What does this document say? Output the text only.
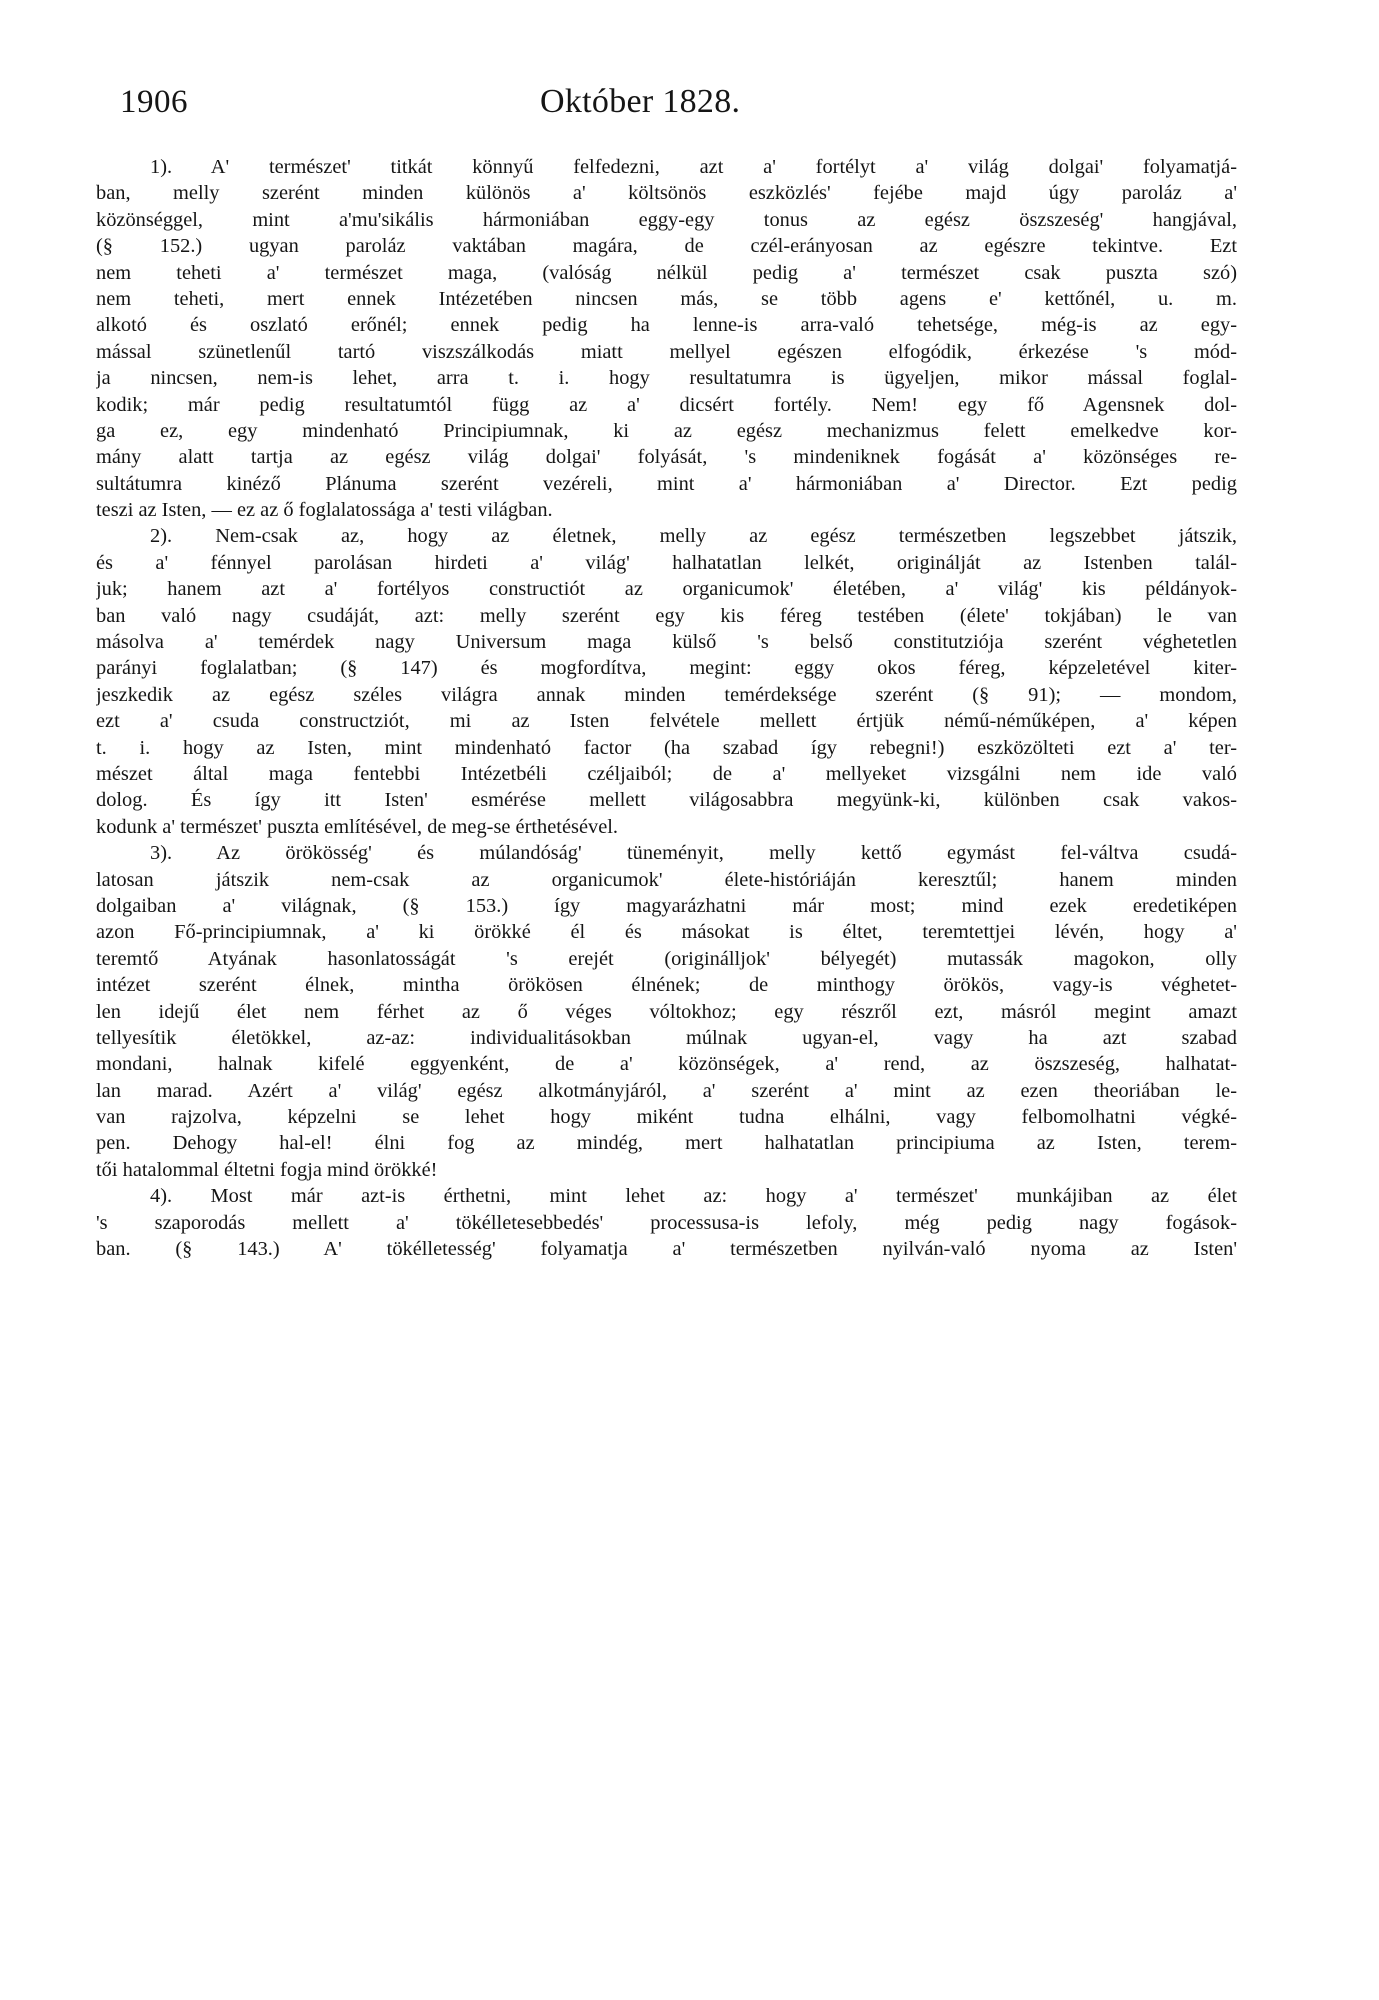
1906	Október 1828.
1). A' természet' titkát könnyű felfedezni, azt a' fortélyt a' világ dolgai' folyamatjá-
ban, melly szerént minden különös a' költsönös eszközlés' fejébe majd úgy paroláz a'
közönséggel, mint a'mu'sikális hármoniában eggy-egy tonus az egész öszszeség' hangjával,
(§ 152.) ugyan paroláz vaktában magára, de czél-erányosan az egészre tekintve. Ezt
nem teheti a' természet maga, (valóság nélkül pedig a' természet csak puszta szó)
nem teheti, mert ennek Intézetében nincsen más, se több agens e' kettőnél, u. m.
alkotó és oszlató erőnél; ennek pedig ha lenne-is arra-való tehetsége, még-is az egy-
mással szünetlenűl tartó viszszálkodás miatt mellyel egészen elfogódik, érkezése 's mód-
ja nincsen, nem-is lehet, arra t. i. hogy resultatumra is ügyeljen, mikor mással foglal-
kodik; már pedig resultatumtól függ az a' dicsért fortély. Nem! egy fő Agensnek dol-
ga ez, egy mindenható Principiumnak, ki az egész mechanizmus felett emelkedve kor-
mány alatt tartja az egész világ dolgai' folyását, 's mindeniknek fogását a' közönséges re-
sultátumra kinéző Plánuma szerént vezéreli, mint a' hármoniában a' Director. Ezt pedig
teszi az Isten, — ez az ő foglalatossága a' testi világban.
2). Nem-csak az, hogy az életnek, melly az egész természetben legszebbet játszik,
és a' fénnyel parolásan hirdeti a' világ' halhatatlan lelkét, originálját az Istenben talál-
juk; hanem azt a' fortélyos constructiót az organicumok' életében, a' világ' kis példányok-
ban való nagy csudáját, azt: melly szerént egy kis féreg testében (élete' tokjában) le van
másolva a' temérdek nagy Universum maga külső 's belső constitutziója szerént véghetetlen
parányi foglalatban; (§ 147) és mogfordítva, megint: eggy okos féreg, képzeletével kiter-
jeszkedik az egész széles világra annak minden temérdeksége szerént (§ 91); — mondom,
ezt a' csuda constructziót, mi az Isten felvétele mellett értjük némű-néműképen, a' képen
t. i. hogy az Isten, mint mindenható factor (ha szabad így rebegni!) eszközölteti ezt a' ter-
mészet által maga fentebbi Intézetbéli czéljaiból; de a' mellyeket vizsgálni nem ide való
dolog. És így itt Isten' esmérése mellett világosabbra megyünk-ki, különben csak vakos-
kodunk a' természet' puszta említésével, de meg-se érthetésével.
3). Az örökösség' és múlandóság' tüneményit, melly kettő egymást fel-váltva csudá-
latosan játszik nem-csak az organicumok' élete-históriáján keresztűl; hanem minden
dolgaiban a' világnak, (§ 153.) így magyarázhatni már most; mind ezek eredetiképen
azon Fő-principiumnak, a' ki örökké él és másokat is éltet, teremtettjei lévén, hogy a'
teremtő Atyának hasonlatosságát 's erejét (originálljok' bélyegét) mutassák magokon, olly
intézet szerént élnek, mintha örökösen élnének; de minthogy örökös, vagy-is véghetet-
len idejű élet nem férhet az ő véges vóltokhoz; egy részről ezt, másról megint amazt
tellyesítik életökkel, az-az: individualitásokban múlnak ugyan-el, vagy ha azt szabad
mondani, halnak kifelé eggyenként, de a' közönségek, a' rend, az öszszeség, halhatat-
lan marad. Azért a' világ' egész alkotmányjáról, a' szerént a' mint az ezen theoriában le-
van rajzolva, képzelni se lehet hogy miként tudna elhálni, vagy felbomolhatni végké-
pen. Dehogy hal-el! élni fog az mindég, mert halhatatlan principiuma az Isten, terem-
tői hatalommal éltetni fogja mind örökké!
4). Most már azt-is érthetni, mint lehet az: hogy a' természet' munkájiban az élet
's szaporodás mellett a' tökélletesebbedés' processusa-is lefoly, még pedig nagy fogások-
ban. (§ 143.) A' tökélletesség' folyamatja a' természetben nyilván-való nyoma az Isten'
